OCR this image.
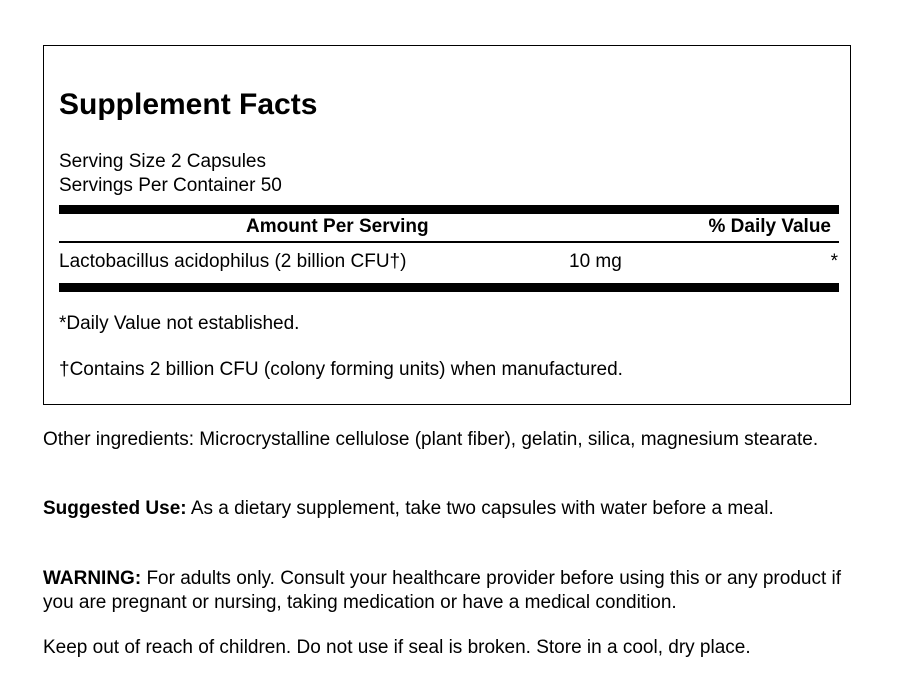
Supplement Facts
Serving Size 2 Capsules
Servings Per Container 50
Amount Per Serving	% Daily Value
Lactobacillus acidophilus (2 billion CFU†)	10 mg	*
*Daily Value not established.
†Contains 2 billion CFU (colony forming units) when manufactured.

Other ingredients: Microcrystalline cellulose (plant fiber), gelatin, silica, magnesium stearate.

Suggested Use: As a dietary supplement, take two capsules with water before a meal.

WARNING: For adults only. Consult your healthcare provider before using this or any product if you are pregnant or nursing, taking medication or have a medical condition.

Keep out of reach of children. Do not use if seal is broken. Store in a cool, dry place.
